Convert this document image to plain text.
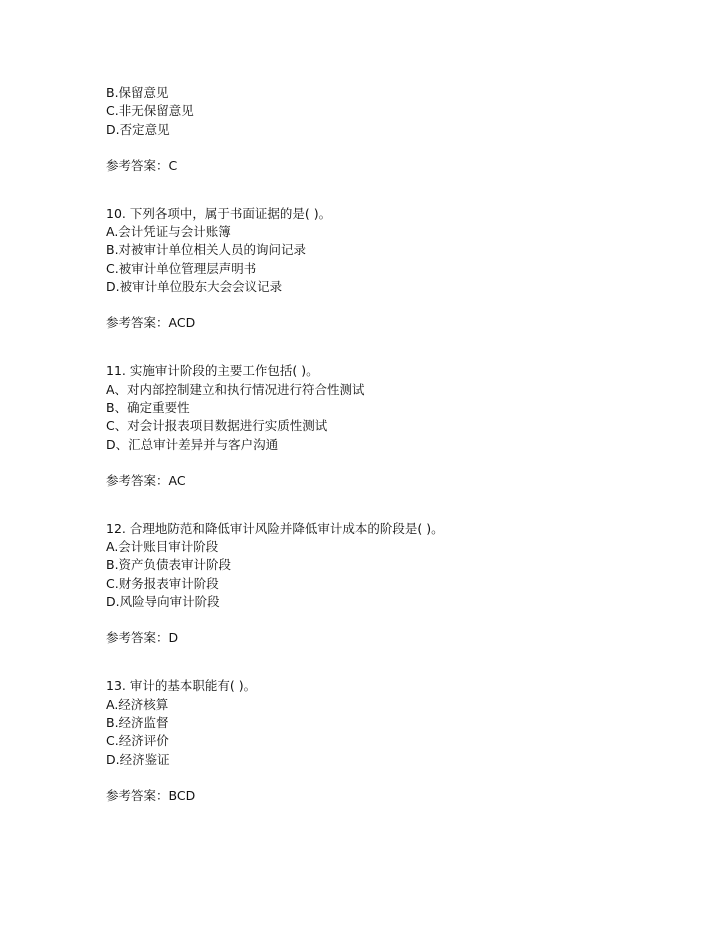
B.保留意见
C.非无保留意见
D.否定意见
参考答案：C
10. 下列各项中，属于书面证据的是( )。
A.会计凭证与会计账簿
B.对被审计单位相关人员的询问记录
C.被审计单位管理层声明书
D.被审计单位股东大会会议记录
参考答案：ACD
11. 实施审计阶段的主要工作包括( )。
A、对内部控制建立和执行情况进行符合性测试
B、确定重要性
C、对会计报表项目数据进行实质性测试
D、汇总审计差异并与客户沟通
参考答案：AC
12. 合理地防范和降低审计风险并降低审计成本的阶段是( )。
A.会计账目审计阶段
B.资产负债表审计阶段
C.财务报表审计阶段
D.风险导向审计阶段
参考答案：D
13. 审计的基本职能有( )。
A.经济核算
B.经济监督
C.经济评价
D.经济鉴证
参考答案：BCD
